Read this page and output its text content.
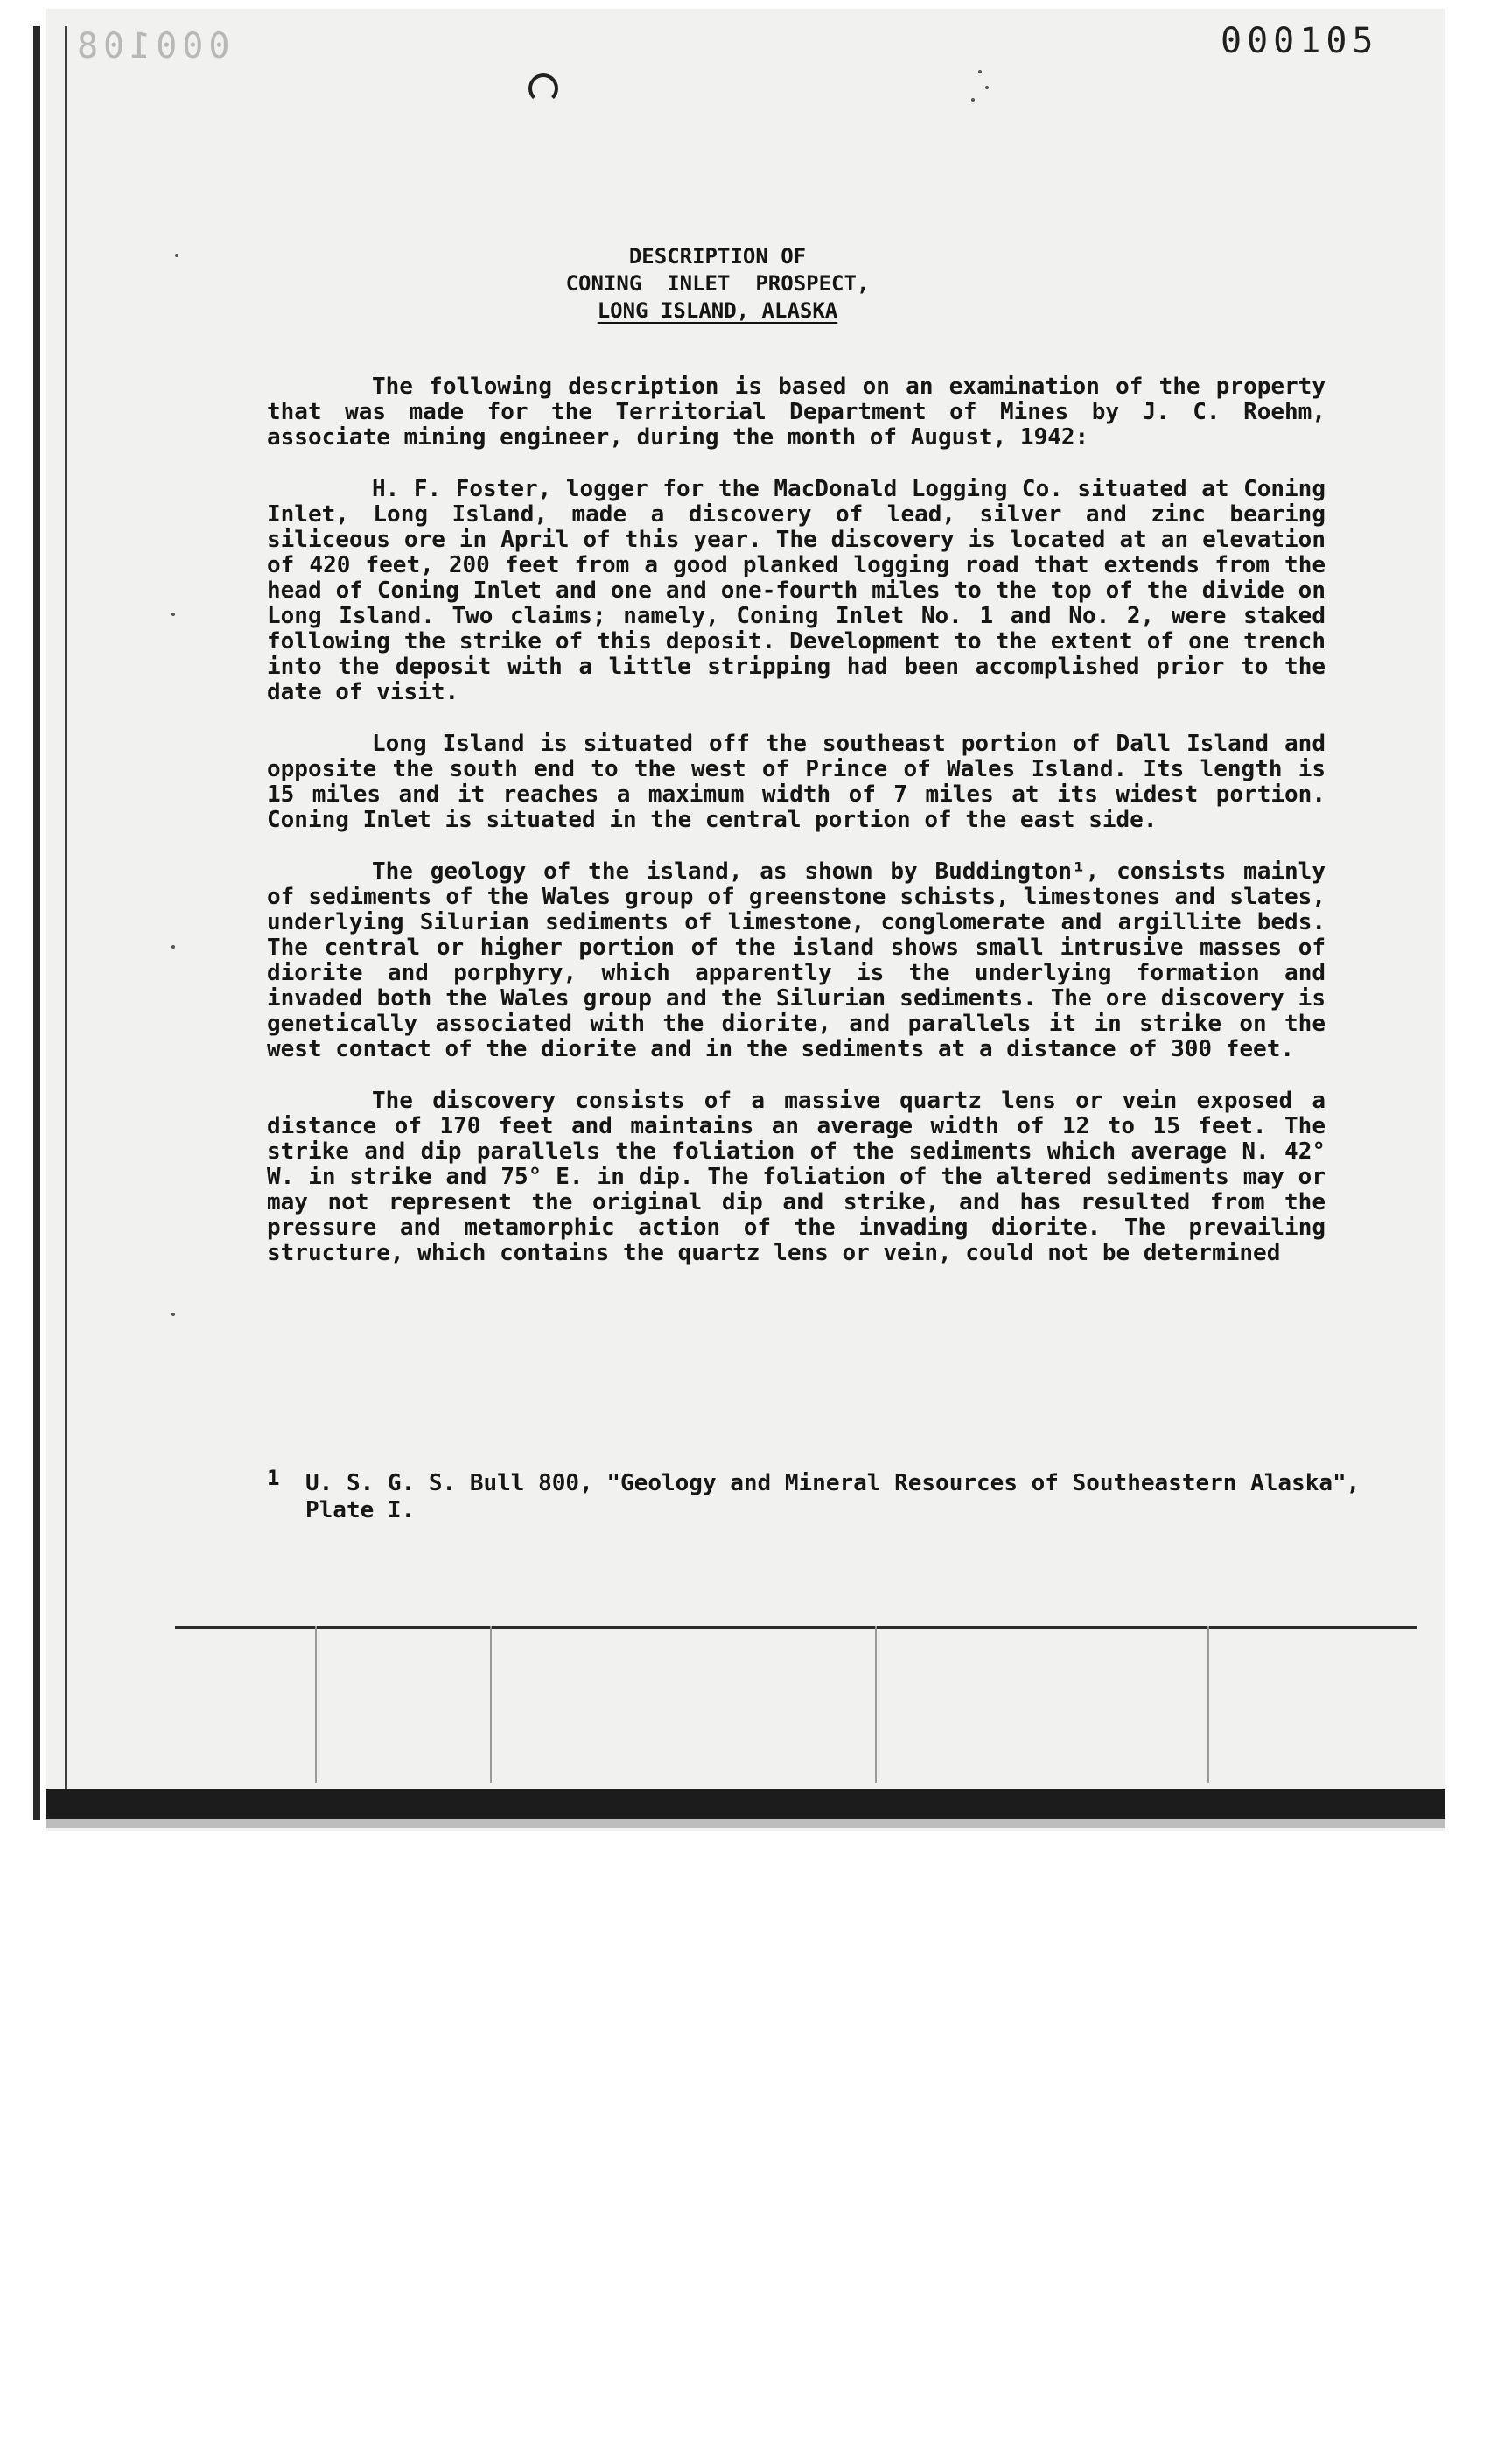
000108	000105
DESCRIPTION OF
CONING  INLET  PROSPECT,
LONG ISLAND, ALASKA

The following description is based on an examination of the property that was made for the Territorial Department of Mines by J. C. Roehm, associate mining engineer, during the month of August, 1942:

H. F. Foster, logger for the MacDonald Logging Co. situated at Coning Inlet, Long Island, made a discovery of lead, silver and zinc bearing siliceous ore in April of this year. The discovery is located at an elevation of 420 feet, 200 feet from a good planked logging road that extends from the head of Coning Inlet and one and one-fourth miles to the top of the divide on Long Island. Two claims; namely, Coning Inlet No. 1 and No. 2, were staked following the strike of this deposit. Development to the extent of one trench into the deposit with a little stripping had been accomplished prior to the date of visit.

Long Island is situated off the southeast portion of Dall Island and opposite the south end to the west of Prince of Wales Island. Its length is 15 miles and it reaches a maximum width of 7 miles at its widest portion. Coning Inlet is situated in the central portion of the east side.

The geology of the island, as shown by Buddington¹, consists mainly of sediments of the Wales group of greenstone schists, limestones and slates, underlying Silurian sediments of limestone, conglomerate and argillite beds. The central or higher portion of the island shows small intrusive masses of diorite and porphyry, which apparently is the underlying formation and invaded both the Wales group and the Silurian sediments. The ore discovery is genetically associated with the diorite, and parallels it in strike on the west contact of the diorite and in the sediments at a distance of 300 feet.

The discovery consists of a massive quartz lens or vein exposed a distance of 170 feet and maintains an average width of 12 to 15 feet. The strike and dip parallels the foliation of the sediments which average N. 42° W. in strike and 75° E. in dip. The foliation of the altered sediments may or may not represent the original dip and strike, and has resulted from the pressure and metamorphic action of the invading diorite. The prevailing structure, which contains the quartz lens or vein, could not be determined

1 U. S. G. S. Bull 800, "Geology and Mineral Resources of Southeastern Alaska", Plate I.
